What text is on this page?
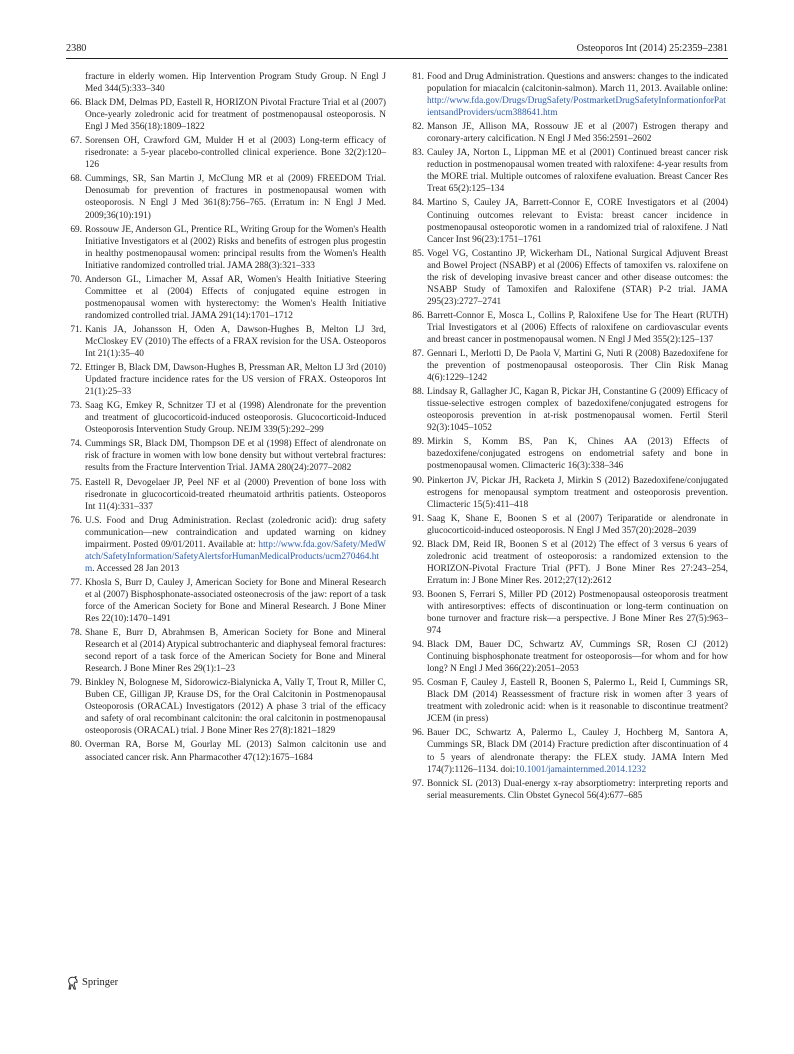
2380	Osteoporos Int (2014) 25:2359–2381
fracture in elderly women. Hip Intervention Program Study Group. N Engl J Med 344(5):333–340
66. Black DM, Delmas PD, Eastell R, HORIZON Pivotal Fracture Trial et al (2007) Once-yearly zoledronic acid for treatment of postmenopausal osteoporosis. N Engl J Med 356(18):1809–1822
67. Sorensen OH, Crawford GM, Mulder H et al (2003) Long-term efficacy of risedronate: a 5-year placebo-controlled clinical experience. Bone 32(2):120–126
68. Cummings, SR, San Martin J, McClung MR et al (2009) FREEDOM Trial. Denosumab for prevention of fractures in postmenopausal women with osteoporosis. N Engl J Med 361(8):756–765. (Erratum in: N Engl J Med. 2009;36(10):191)
69. Rossouw JE, Anderson GL, Prentice RL, Writing Group for the Women's Health Initiative Investigators et al (2002) Risks and benefits of estrogen plus progestin in healthy postmenopausal women: principal results from the Women's Health Initiative randomized controlled trial. JAMA 288(3):321–333
70. Anderson GL, Limacher M, Assaf AR, Women's Health Initiative Steering Committee et al (2004) Effects of conjugated equine estrogen in postmenopausal women with hysterectomy: the Women's Health Initiative randomized controlled trial. JAMA 291(14):1701–1712
71. Kanis JA, Johansson H, Oden A, Dawson-Hughes B, Melton LJ 3rd, McCloskey EV (2010) The effects of a FRAX revision for the USA. Osteoporos Int 21(1):35–40
72. Ettinger B, Black DM, Dawson-Hughes B, Pressman AR, Melton LJ 3rd (2010) Updated fracture incidence rates for the US version of FRAX. Osteoporos Int 21(1):25–33
73. Saag KG, Emkey R, Schnitzer TJ et al (1998) Alendronate for the prevention and treatment of glucocorticoid-induced osteoporosis. Glucocorticoid-Induced Osteoporosis Intervention Study Group. NEJM 339(5):292–299
74. Cummings SR, Black DM, Thompson DE et al (1998) Effect of alendronate on risk of fracture in women with low bone density but without vertebral fractures: results from the Fracture Intervention Trial. JAMA 280(24):2077–2082
75. Eastell R, Devogelaer JP, Peel NF et al (2000) Prevention of bone loss with risedronate in glucocorticoid-treated rheumatoid arthritis patients. Osteoporos Int 11(4):331–337
76. U.S. Food and Drug Administration. Reclast (zoledronic acid): drug safety communication—new contraindication and updated warning on kidney impairment. Posted 09/01/2011. Available at: http://www.fda.gov/Safety/MedWatch/SafetyInformation/SafetyAlertsforHumanMedicalProducts/ucm270464.htm. Accessed 28 Jan 2013
77. Khosla S, Burr D, Cauley J, American Society for Bone and Mineral Research et al (2007) Bisphosphonate-associated osteonecrosis of the jaw: report of a task force of the American Society for Bone and Mineral Research. J Bone Miner Res 22(10):1470–1491
78. Shane E, Burr D, Abrahmsen B, American Society for Bone and Mineral Research et al (2014) Atypical subtrochanteric and diaphyseal femoral fractures: second report of a task force of the American Society for Bone and Mineral Research. J Bone Miner Res 29(1):1–23
79. Binkley N, Bolognese M, Sidorowicz-Bialynicka A, Vally T, Trout R, Miller C, Buben CE, Gilligan JP, Krause DS, for the Oral Calcitonin in Postmenopausal Osteoporosis (ORACAL) Investigators (2012) A phase 3 trial of the efficacy and safety of oral recombinant calcitonin: the oral calcitonin in postmenopausal osteoporosis (ORACAL) trial. J Bone Miner Res 27(8):1821–1829
80. Overman RA, Borse M, Gourlay ML (2013) Salmon calcitonin use and associated cancer risk. Ann Pharmacother 47(12):1675–1684
81. Food and Drug Administration. Questions and answers: changes to the indicated population for miacalcin (calcitonin-salmon). March 11, 2013. Available online: http://www.fda.gov/Drugs/DrugSafety/PostmarketDrugSafetyInformationforPatientsandProviders/ucm388641.htm
82. Manson JE, Allison MA, Rossouw JE et al (2007) Estrogen therapy and coronary-artery calcification. N Engl J Med 356:2591–2602
83. Cauley JA, Norton L, Lippman ME et al (2001) Continued breast cancer risk reduction in postmenopausal women treated with raloxifene: 4-year results from the MORE trial. Multiple outcomes of raloxifene evaluation. Breast Cancer Res Treat 65(2):125–134
84. Martino S, Cauley JA, Barrett-Connor E, CORE Investigators et al (2004) Continuing outcomes relevant to Evista: breast cancer incidence in postmenopausal osteoporotic women in a randomized trial of raloxifene. J Natl Cancer Inst 96(23):1751–1761
85. Vogel VG, Costantino JP, Wickerham DL, National Surgical Adjuvent Breast and Bowel Project (NSABP) et al (2006) Effects of tamoxifen vs. raloxifene on the risk of developing invasive breast cancer and other disease outcomes: the NSABP Study of Tamoxifen and Raloxifene (STAR) P-2 trial. JAMA 295(23):2727–2741
86. Barrett-Connor E, Mosca L, Collins P, Raloxifene Use for The Heart (RUTH) Trial Investigators et al (2006) Effects of raloxifene on cardiovascular events and breast cancer in postmenopausal women. N Engl J Med 355(2):125–137
87. Gennari L, Merlotti D, De Paola V, Martini G, Nuti R (2008) Bazedoxifene for the prevention of postmenopausal osteoporosis. Ther Clin Risk Manag 4(6):1229–1242
88. Lindsay R, Gallagher JC, Kagan R, Pickar JH, Constantine G (2009) Efficacy of tissue-selective estrogen complex of bazedoxifene/conjugated estrogens for osteoporosis prevention in at-risk postmenopausal women. Fertil Steril 92(3):1045–1052
89. Mirkin S, Komm BS, Pan K, Chines AA (2013) Effects of bazedoxifene/conjugated estrogens on endometrial safety and bone in postmenopausal women. Climacteric 16(3):338–346
90. Pinkerton JV, Pickar JH, Racketa J, Mirkin S (2012) Bazedoxifene/conjugated estrogens for menopausal symptom treatment and osteoporosis prevention. Climacteric 15(5):411–418
91. Saag K, Shane E, Boonen S et al (2007) Teriparatide or alendronate in glucocorticoid-induced osteoporosis. N Engl J Med 357(20):2028–2039
92. Black DM, Reid IR, Boonen S et al (2012) The effect of 3 versus 6 years of zoledronic acid treatment of osteoporosis: a randomized extension to the HORIZON-Pivotal Fracture Trial (PFT). J Bone Miner Res 27:243–254, Erratum in: J Bone Miner Res. 2012;27(12):2612
93. Boonen S, Ferrari S, Miller PD (2012) Postmenopausal osteoporosis treatment with antiresorptives: effects of discontinuation or long-term continuation on bone turnover and fracture risk—a perspective. J Bone Miner Res 27(5):963–974
94. Black DM, Bauer DC, Schwartz AV, Cummings SR, Rosen CJ (2012) Continuing bisphosphonate treatment for osteoporosis—for whom and for how long? N Engl J Med 366(22):2051–2053
95. Cosman F, Cauley J, Eastell R, Boonen S, Palermo L, Reid I, Cummings SR, Black DM (2014) Reassessment of fracture risk in women after 3 years of treatment with zoledronic acid: when is it reasonable to discontinue treatment? JCEM (in press)
96. Bauer DC, Schwartz A, Palermo L, Cauley J, Hochberg M, Santora A, Cummings SR, Black DM (2014) Fracture prediction after discontinuation of 4 to 5 years of alendronate therapy: the FLEX study. JAMA Intern Med 174(7):1126–1134. doi:10.1001/jamainternmed.2014.1232
97. Bonnick SL (2013) Dual-energy x-ray absorptiometry: interpreting reports and serial measurements. Clin Obstet Gynecol 56(4):677–685
Springer
